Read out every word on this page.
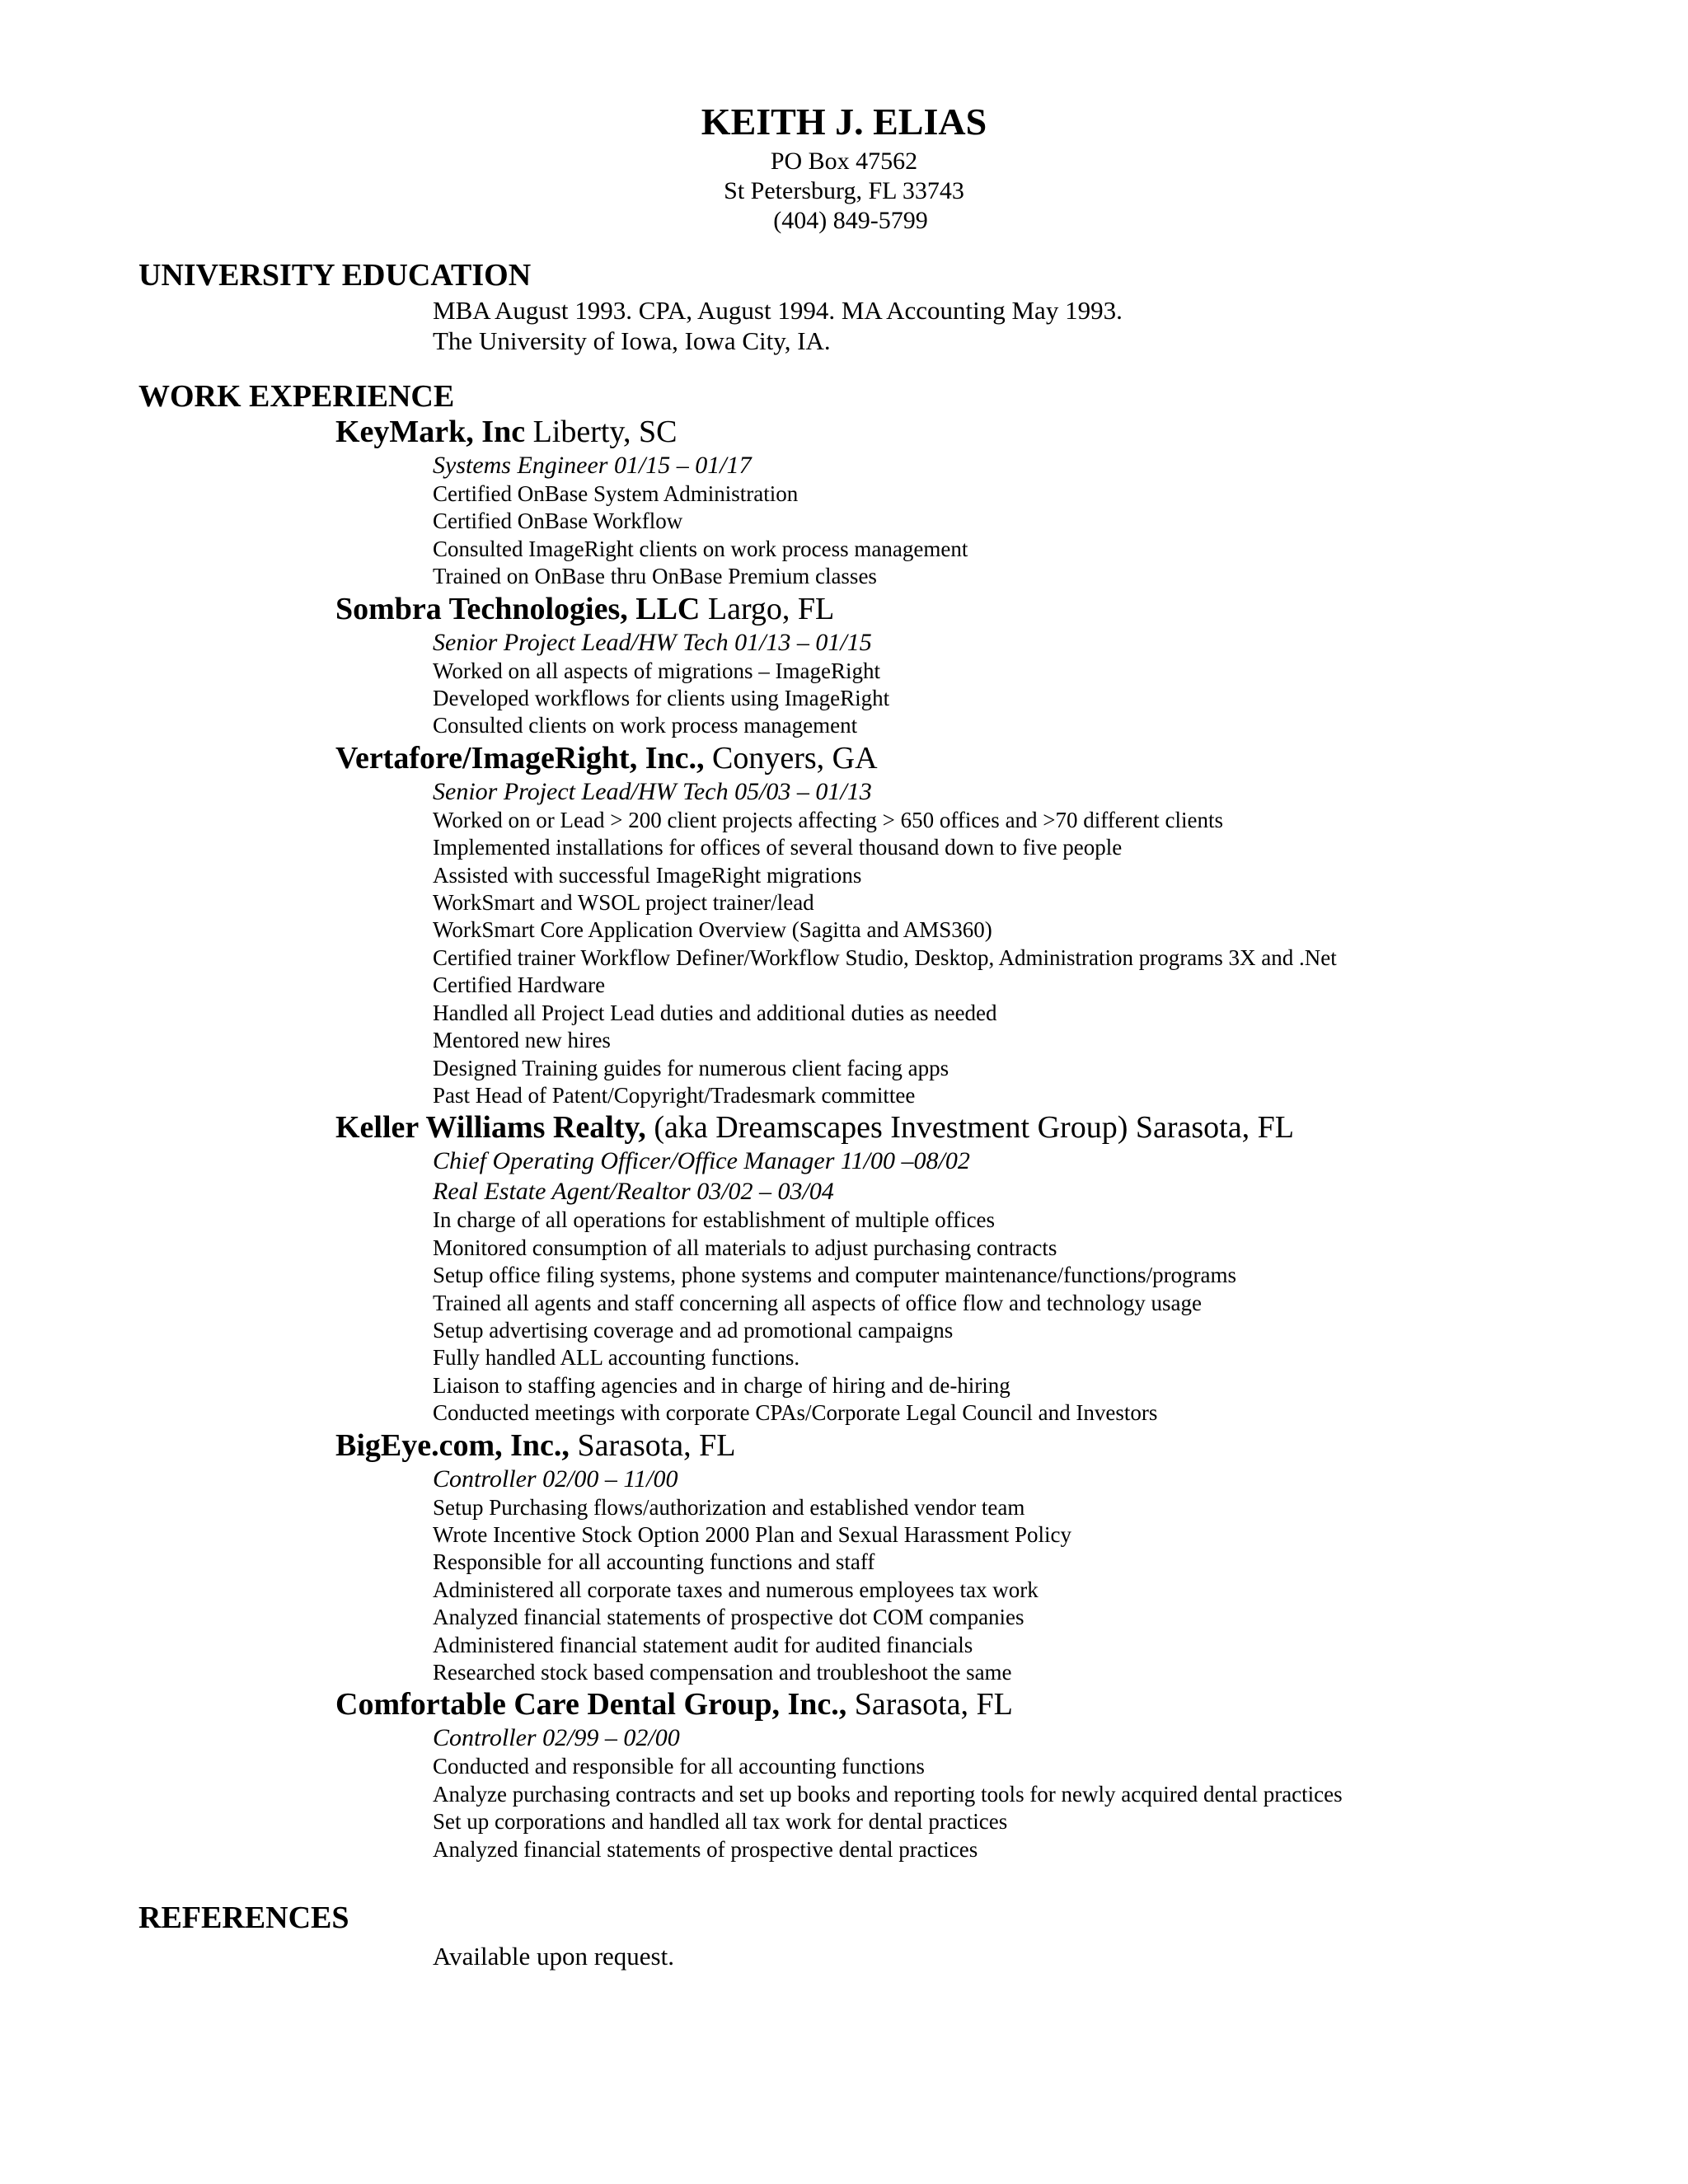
KEITH J. ELIAS
PO Box 47562
St Petersburg, FL 33743
(404) 849-5799
UNIVERSITY EDUCATION
MBA August 1993. CPA, August 1994. MA Accounting May 1993.
The University of Iowa, Iowa City, IA.
WORK EXPERIENCE
KeyMark, Inc Liberty, SC
Systems Engineer 01/15 – 01/17
Certified OnBase System Administration
Certified OnBase Workflow
Consulted ImageRight clients on work process management
Trained on OnBase thru OnBase Premium classes
Sombra Technologies, LLC Largo, FL
Senior Project Lead/HW Tech 01/13 – 01/15
Worked on all aspects of migrations – ImageRight
Developed workflows for clients using ImageRight
Consulted clients on work process management
Vertafore/ImageRight, Inc., Conyers, GA
Senior Project Lead/HW Tech 05/03 – 01/13
Worked on or Lead > 200 client projects affecting > 650 offices and >70 different clients
Implemented installations for offices of several thousand down to five people
Assisted with successful ImageRight migrations
WorkSmart and WSOL project trainer/lead
WorkSmart Core Application Overview (Sagitta and AMS360)
Certified trainer Workflow Definer/Workflow Studio, Desktop, Administration programs 3X and .Net
Certified Hardware
Handled all Project Lead duties and additional duties as needed
Mentored new hires
Designed Training guides for numerous client facing apps
Past Head of Patent/Copyright/Tradesmark committee
Keller Williams Realty, (aka Dreamscapes Investment Group) Sarasota, FL
Chief Operating Officer/Office Manager 11/00 –08/02
Real Estate Agent/Realtor 03/02 – 03/04
In charge of all operations for establishment of multiple offices
Monitored consumption of all materials to adjust purchasing contracts
Setup office filing systems, phone systems and computer maintenance/functions/programs
Trained all agents and staff concerning all aspects of office flow and technology usage
Setup advertising coverage and ad promotional campaigns
Fully handled ALL accounting functions.
Liaison to staffing agencies and in charge of hiring and de-hiring
Conducted meetings with corporate CPAs/Corporate Legal Council and Investors
BigEye.com, Inc., Sarasota, FL
Controller 02/00 – 11/00
Setup Purchasing flows/authorization and established vendor team
Wrote Incentive Stock Option 2000 Plan and Sexual Harassment Policy
Responsible for all accounting functions and staff
Administered all corporate taxes and numerous employees tax work
Analyzed financial statements of prospective dot COM companies
Administered financial statement audit for audited financials
Researched stock based compensation and troubleshoot the same
Comfortable Care Dental Group, Inc., Sarasota, FL
Controller 02/99 – 02/00
Conducted and responsible for all accounting functions
Analyze purchasing contracts and set up books and reporting tools for newly acquired dental practices
Set up corporations and handled all tax work for dental practices
Analyzed financial statements of prospective dental practices
REFERENCES
Available upon request.
